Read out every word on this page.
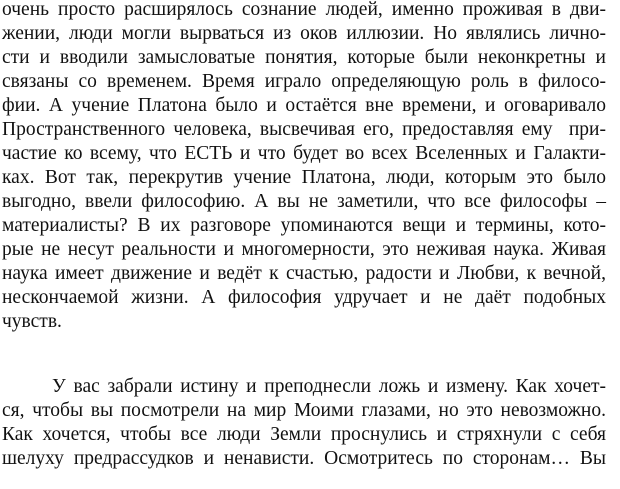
очень просто расширялось сознание людей, именно проживая в дви-
жении, люди могли вырваться из оков иллюзии. Но являлись лично-
сти и вводили замысловатые понятия, которые были неконкретны и
связаны со временем. Время играло определяющую роль в филосо-
фии. А учение Платона было и остаётся вне времени, и оговаривало
Пространственного человека, высвечивая его, предоставляя ему  при-
частие ко всему, что ЕСТЬ и что будет во всех Вселенных и Галакти-
ках. Вот так, перекрутив учение Платона, люди, которым это было
выгодно, ввели философию. А вы не заметили, что все философы –
материалисты? В их разговоре упоминаются вещи и термины, кото-
рые не несут реальности и многомерности, это неживая наука. Живая
наука имеет движение и ведёт к счастью, радости и Любви, к вечной,
нескончаемой жизни. А философия удручает и не даёт подобных
чувств.
У вас забрали истину и преподнесли ложь и измену. Как хочет-
ся, чтобы вы посмотрели на мир Моими глазами, но это невозможно.
Как хочется, чтобы все люди Земли проснулись и стряхнули с себя
шелуху предрассудков и ненависти. Осмотритесь по сторонам… Вы
